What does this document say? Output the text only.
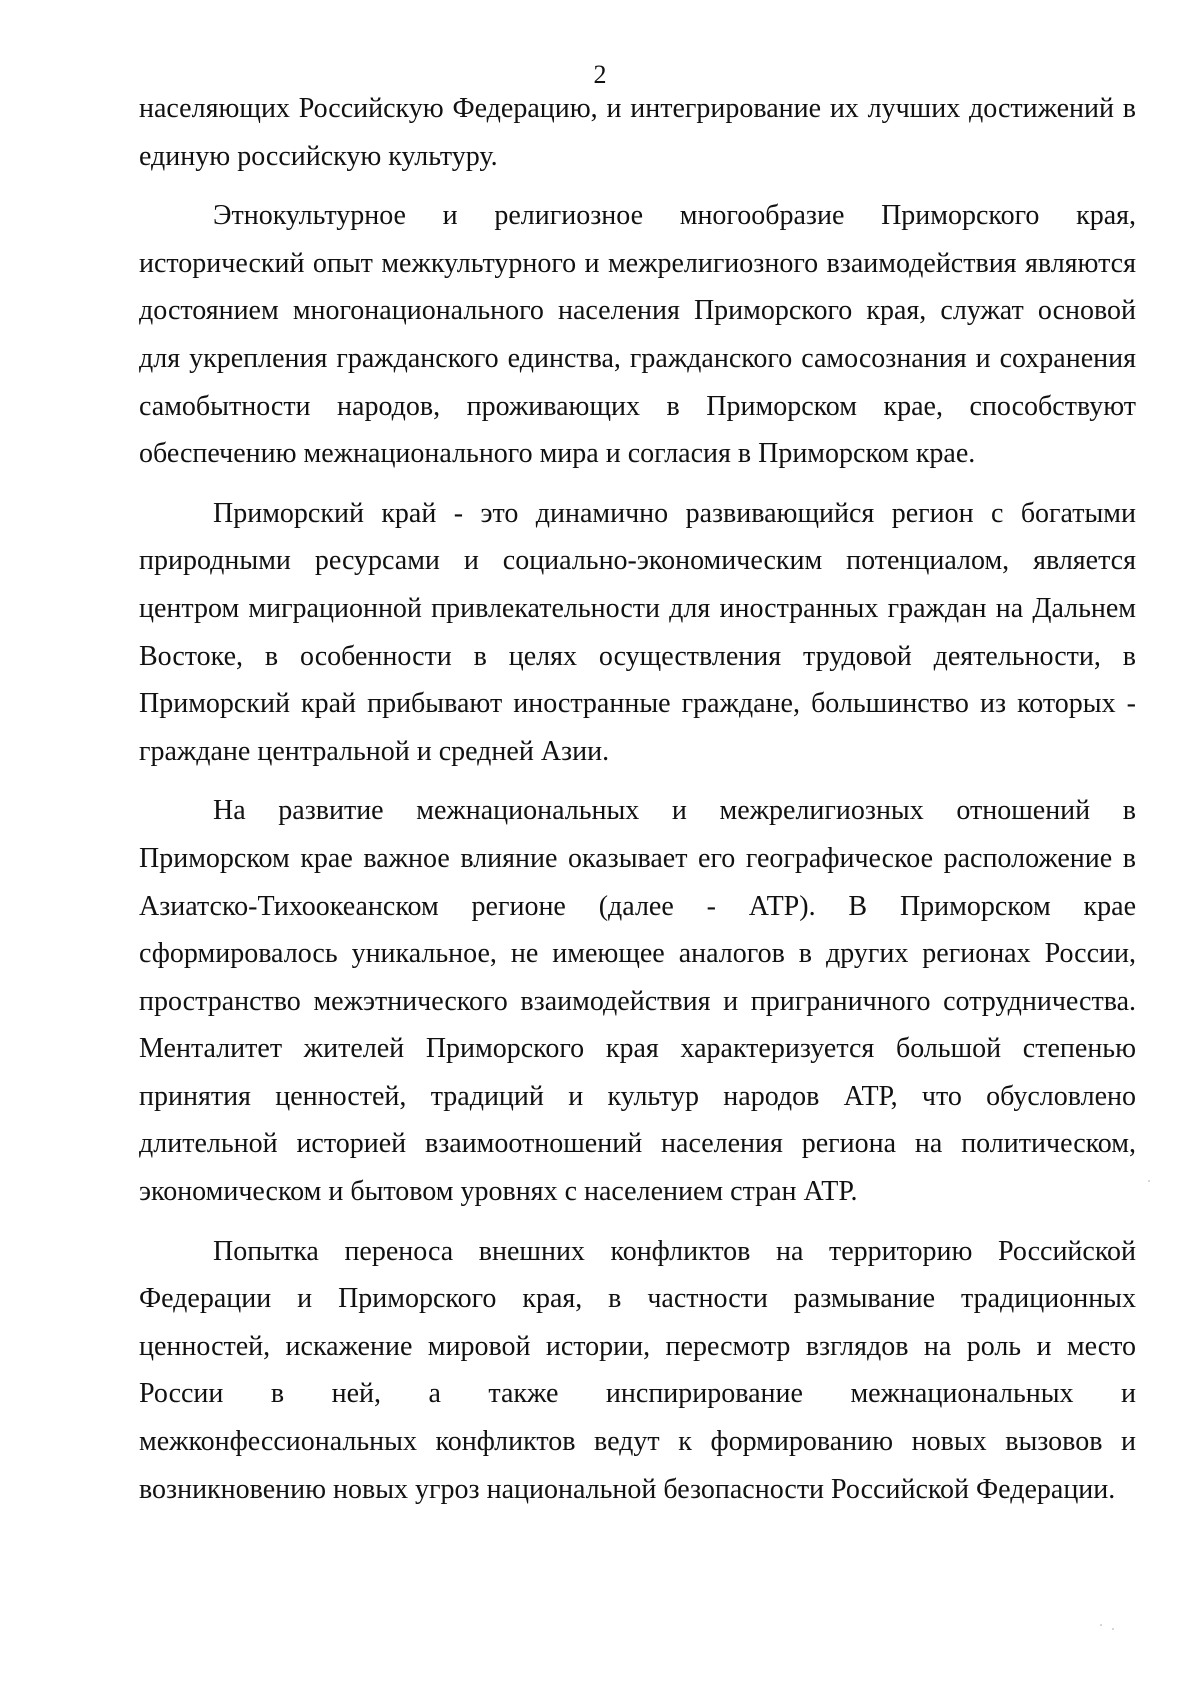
2

населяющих Российскую Федерацию, и интегрирование их лучших достижений в единую российскую культуру.

Этнокультурное и религиозное многообразие Приморского края, исторический опыт межкультурного и межрелигиозного взаимодействия являются достоянием многонационального населения Приморского края, служат основой для укрепления гражданского единства, гражданского самосознания и сохранения самобытности народов, проживающих в Приморском крае, способствуют обеспечению межнационального мира и согласия в Приморском крае.

Приморский край - это динамично развивающийся регион с богатыми природными ресурсами и социально-экономическим потенциалом, является центром миграционной привлекательности для иностранных граждан на Дальнем Востоке, в особенности в целях осуществления трудовой деятельности, в Приморский край прибывают иностранные граждане, большинство из которых - граждане центральной и средней Азии.

На развитие межнациональных и межрелигиозных отношений в Приморском крае важное влияние оказывает его географическое расположение в Азиатско-Тихоокеанском регионе (далее - АТР). В Приморском крае сформировалось уникальное, не имеющее аналогов в других регионах России, пространство межэтнического взаимодействия и приграничного сотрудничества. Менталитет жителей Приморского края характеризуется большой степенью принятия ценностей, традиций и культур народов АТР, что обусловлено длительной историей взаимоотношений населения региона на политическом, экономическом и бытовом уровнях с населением стран АТР.

Попытка переноса внешних конфликтов на территорию Российской Федерации и Приморского края, в частности размывание традиционных ценностей, искажение мировой истории, пересмотр взглядов на роль и место России в ней, а также инспирирование межнациональных и межконфессиональных конфликтов ведут к формированию новых вызовов и возникновению новых угроз национальной безопасности Российской Федерации.
